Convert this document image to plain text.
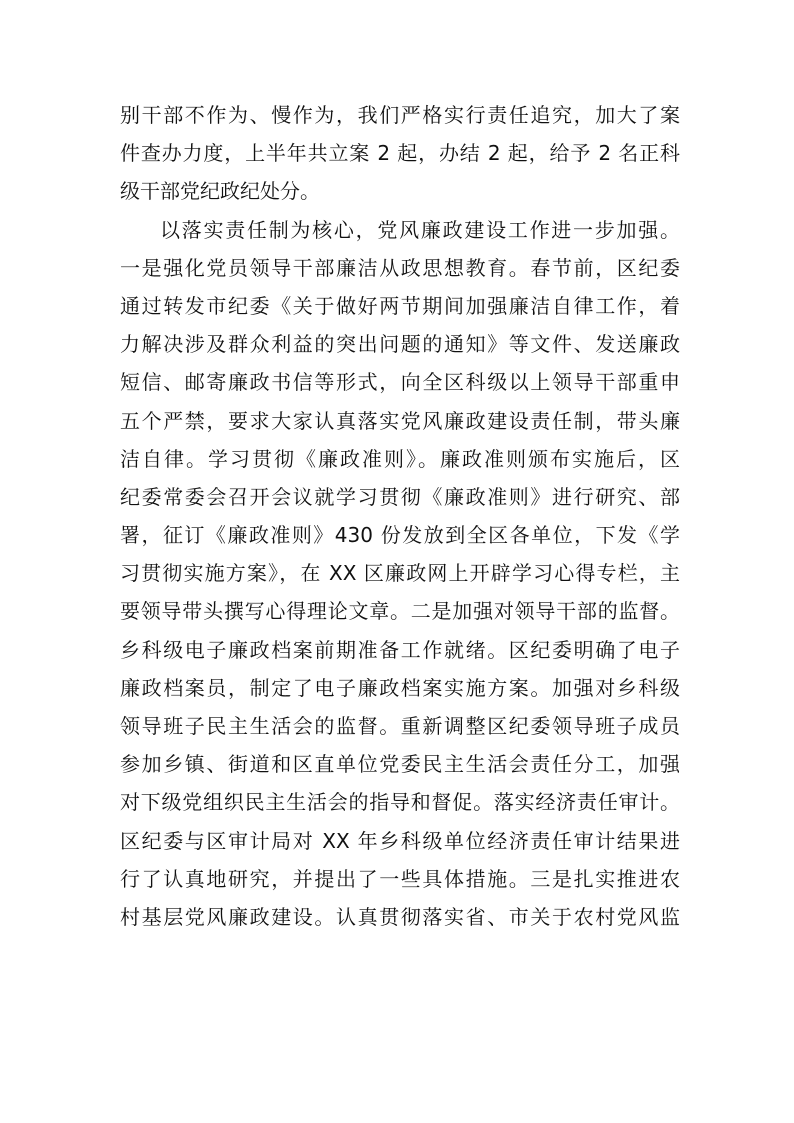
别干部不作为、慢作为，我们严格实行责任追究，加大了案
件查办力度，上半年共立案 2 起，办结 2 起，给予 2 名正科
级干部党纪政纪处分。
以落实责任制为核心，党风廉政建设工作进一步加强。
一是强化党员领导干部廉洁从政思想教育。春节前，区纪委
通过转发市纪委《关于做好两节期间加强廉洁自律工作，着
力解决涉及群众利益的突出问题的通知》等文件、发送廉政
短信、邮寄廉政书信等形式，向全区科级以上领导干部重申
五个严禁，要求大家认真落实党风廉政建设责任制，带头廉
洁自律。学习贯彻《廉政准则》。廉政准则颁布实施后，区
纪委常委会召开会议就学习贯彻《廉政准则》进行研究、部
署，征订《廉政准则》430 份发放到全区各单位，下发《学
习贯彻实施方案》，在 XX 区廉政网上开辟学习心得专栏，主
要领导带头撰写心得理论文章。二是加强对领导干部的监督。
乡科级电子廉政档案前期准备工作就绪。区纪委明确了电子
廉政档案员，制定了电子廉政档案实施方案。加强对乡科级
领导班子民主生活会的监督。重新调整区纪委领导班子成员
参加乡镇、街道和区直单位党委民主生活会责任分工，加强
对下级党组织民主生活会的指导和督促。落实经济责任审计。
区纪委与区审计局对 XX 年乡科级单位经济责任审计结果进
行了认真地研究，并提出了一些具体措施。三是扎实推进农
村基层党风廉政建设。认真贯彻落实省、市关于农村党风监
